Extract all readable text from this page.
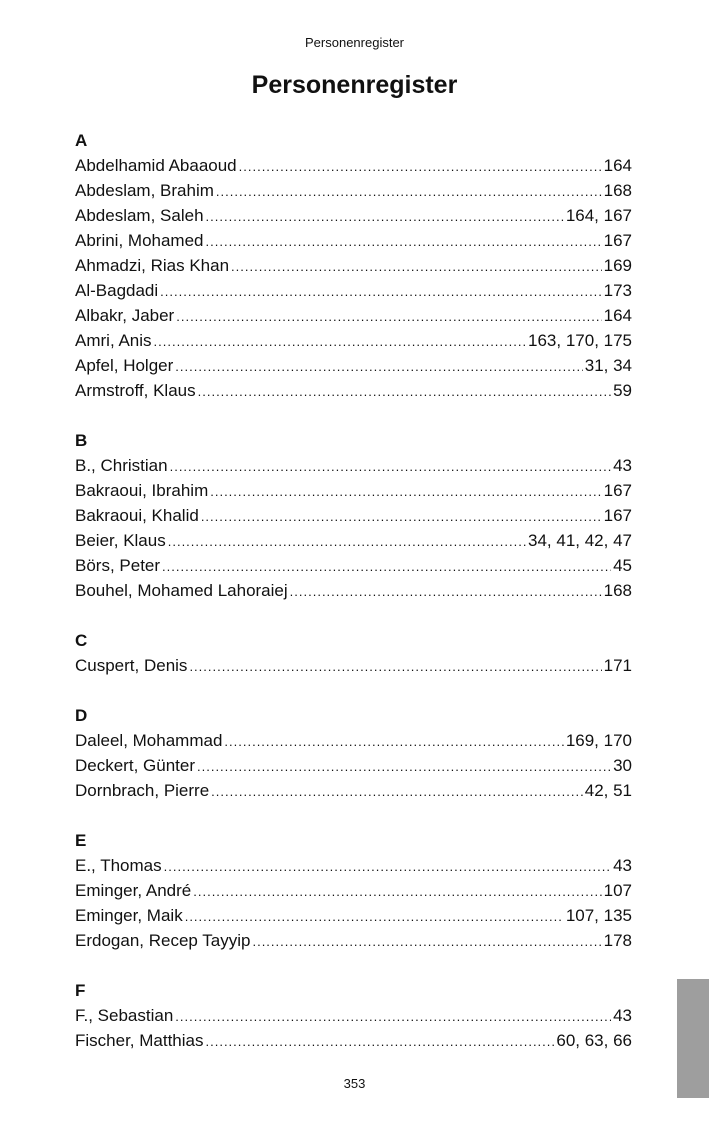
Personenregister
Personenregister
A
Abdelhamid Abaaoud .....	164
Abdeslam, Brahim .....	168
Abdeslam, Saleh .....	164, 167
Abrini, Mohamed .....	167
Ahmadzi, Rias Khan .....	169
Al-Bagdadi .....	173
Albakr, Jaber .....	164
Amri, Anis .....	163, 170, 175
Apfel, Holger .....	31, 34
Armstroff, Klaus .....	59
B
B., Christian .....	43
Bakraoui, Ibrahim .....	167
Bakraoui, Khalid .....	167
Beier, Klaus .....	34, 41, 42, 47
Börs, Peter .....	45
Bouhel, Mohamed Lahoraiej .....	168
C
Cuspert, Denis .....	171
D
Daleel, Mohammad .....	169, 170
Deckert, Günter .....	30
Dornbrach, Pierre .....	42, 51
E
E., Thomas .....	43
Eminger, André .....	107
Eminger, Maik .....	107, 135
Erdogan, Recep Tayyip .....	178
F
F., Sebastian .....	43
Fischer, Matthias .....	60, 63, 66
353
